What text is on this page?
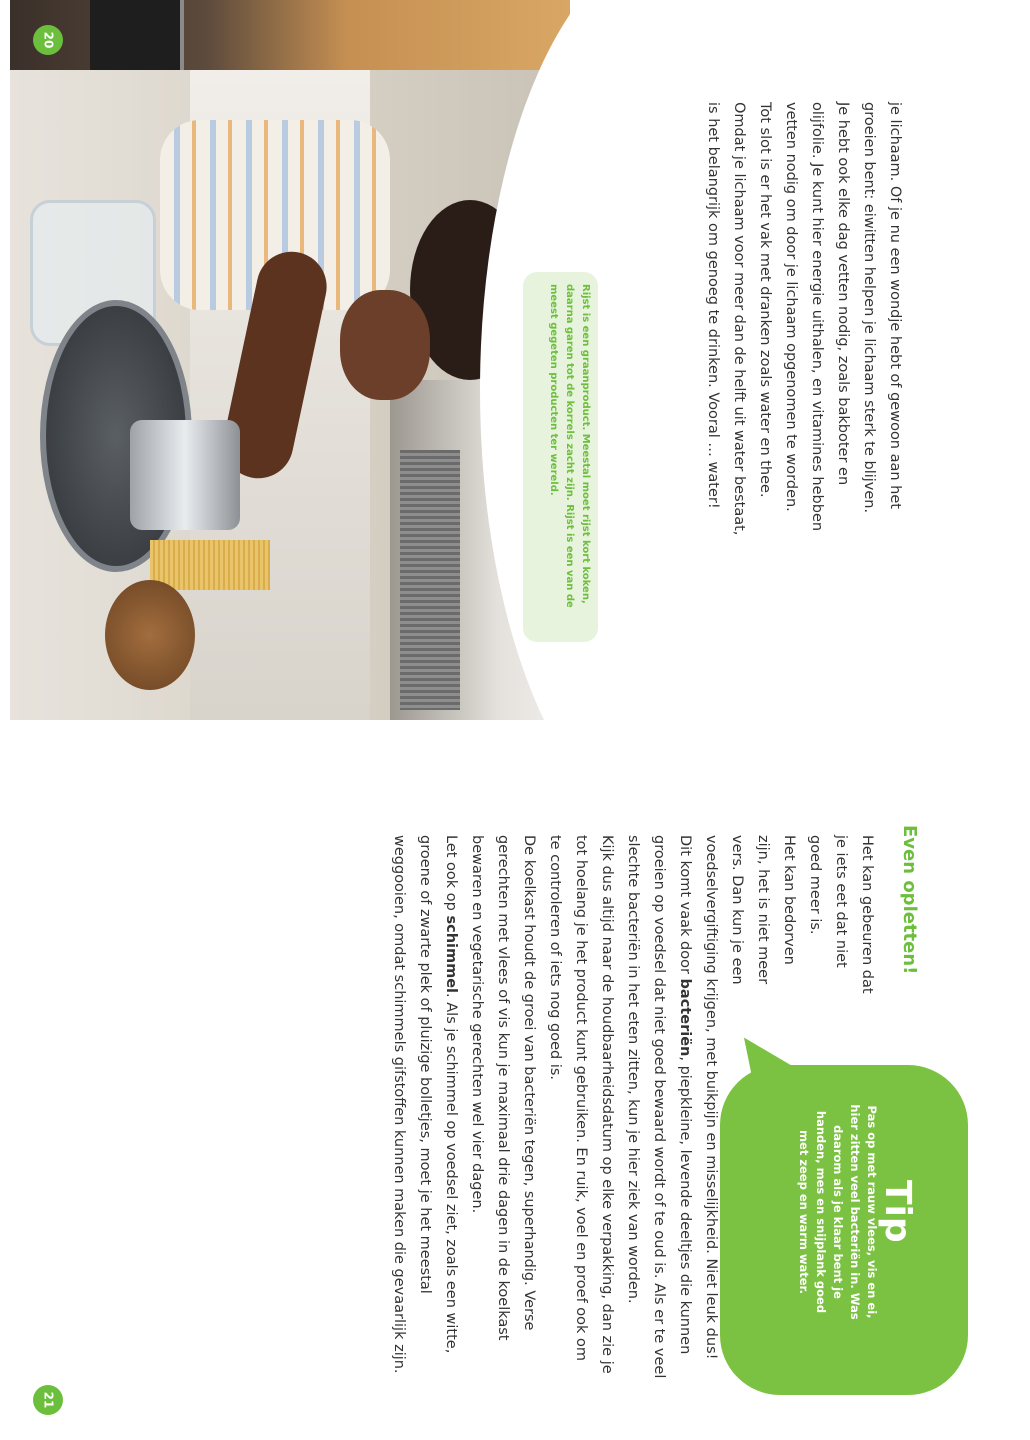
20
Rijst is een graanproduct. Meestal moet rijst kort koken, daarna garen tot de korrels zacht zijn. Rijst is een van de meest gegeten producten ter wereld.	je lichaam. Of je nu een wondje hebt of gewoon aan het

groeien bent: eiwitten helpen je lichaam sterk te blijven.

Je hebt ook elke dag vetten nodig, zoals bakboter en

olijfolie. Je kunt hier energie uithalen, en vitamines hebben

vetten nodig om door je lichaam opgenomen te worden.

Tot slot is er het vak met dranken zoals water en thee.

Omdat je lichaam voor meer dan de helft uit water bestaat,

is het belangrijk om genoeg te drinken. Vooral … water!

Even opletten!
Het kan gebeuren dat
je iets eet dat niet
goed meer is.
Het kan bedorven
zijn, het is niet meer
vers. Dan kun je een

voedselvergiftiging krijgen, met buikpijn en misselijkheid. Niet leuk dus!

Dit komt vaak door bacteriën, piepkleine, levende deeltjes die kunnen groeien op voedsel dat niet goed bewaard wordt of te oud is. Als er te veel slechte bacteriën in het eten zitten, kun je hier ziek van worden.

Kijk dus altijd naar de houdbaarheidsdatum op elke verpakking, dan zie je tot hoelang je het product kunt gebruiken. En ruik, voel en proef ook om te controleren of iets nog goed is.

De koelkast houdt de groei van bacteriën tegen, superhandig. Verse gerechten met vlees of vis kun je maximaal drie dagen in de koelkast bewaren en vegetarische gerechten wel vier dagen.

Let ook op schimmel. Als je schimmel op voedsel ziet, zoals een witte, groene of zwarte plek of pluizige bolletjes, moet je het meestal weggooien, omdat schimmels gifstoffen kunnen maken die gevaarlijk zijn.	Tip
Pas op met rauw vlees, vis en ei, hier zitten veel bacteriën in. Was daarom als je klaar bent je handen, mes en snijplank goed met zeep en warm water.
21
